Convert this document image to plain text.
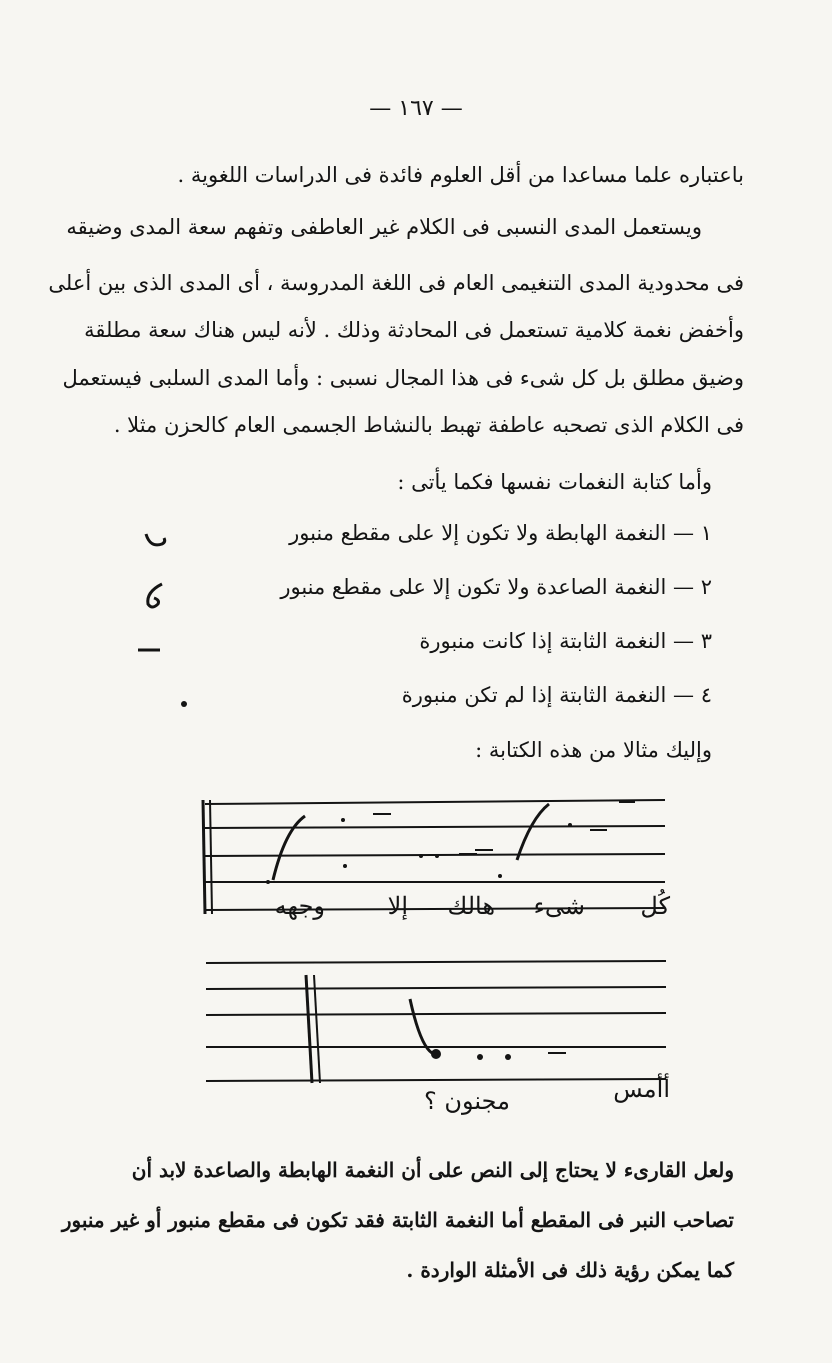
— ١٦٧ —
باعتباره علما مساعدا من أقل العلوم فائدة فى الدراسات اللغوية .
ويستعمل المدى النسبى فى الكلام غير العاطفى وتفهم سعة المدى وضيقه
فى محدودية المدى التنغيمى العام فى اللغة المدروسة ، أى المدى الذى بين أعلى
وأخفض نغمة كلامية تستعمل فى المحادثة وذلك . لأنه ليس هناك سعة مطلقة
وضيق مطلق بل كل شىء فى هذا المجال نسبى : وأما المدى السلبى فيستعمل
فى الكلام الذى تصحبه عاطفة تهبط بالنشاط الجسمى العام كالحزن مثلا .
وأما كتابة النغمات نفسها فكما يأتى :
١ — النغمة الهابطة ولا تكون إلا على مقطع منبور
٢ — النغمة الصاعدة ولا تكون إلا على مقطع منبور
٣ — النغمة الثابتة إذا كانت منبورة
٤ — النغمة الثابتة إذا لم تكن منبورة
وإليك مثالا من هذه الكتابة :
كُل
شىء
هالك
إلا
وجهه
أأمس
مجنون ؟
ولعل القارىء لا يحتاج إلى النص على أن النغمة الهابطة والصاعدة لابد أن
تصاحب النبر فى المقطع أما النغمة الثابتة فقد تكون فى مقطع منبور أو غير منبور
كما يمكن رؤية ذلك فى الأمثلة الواردة .
